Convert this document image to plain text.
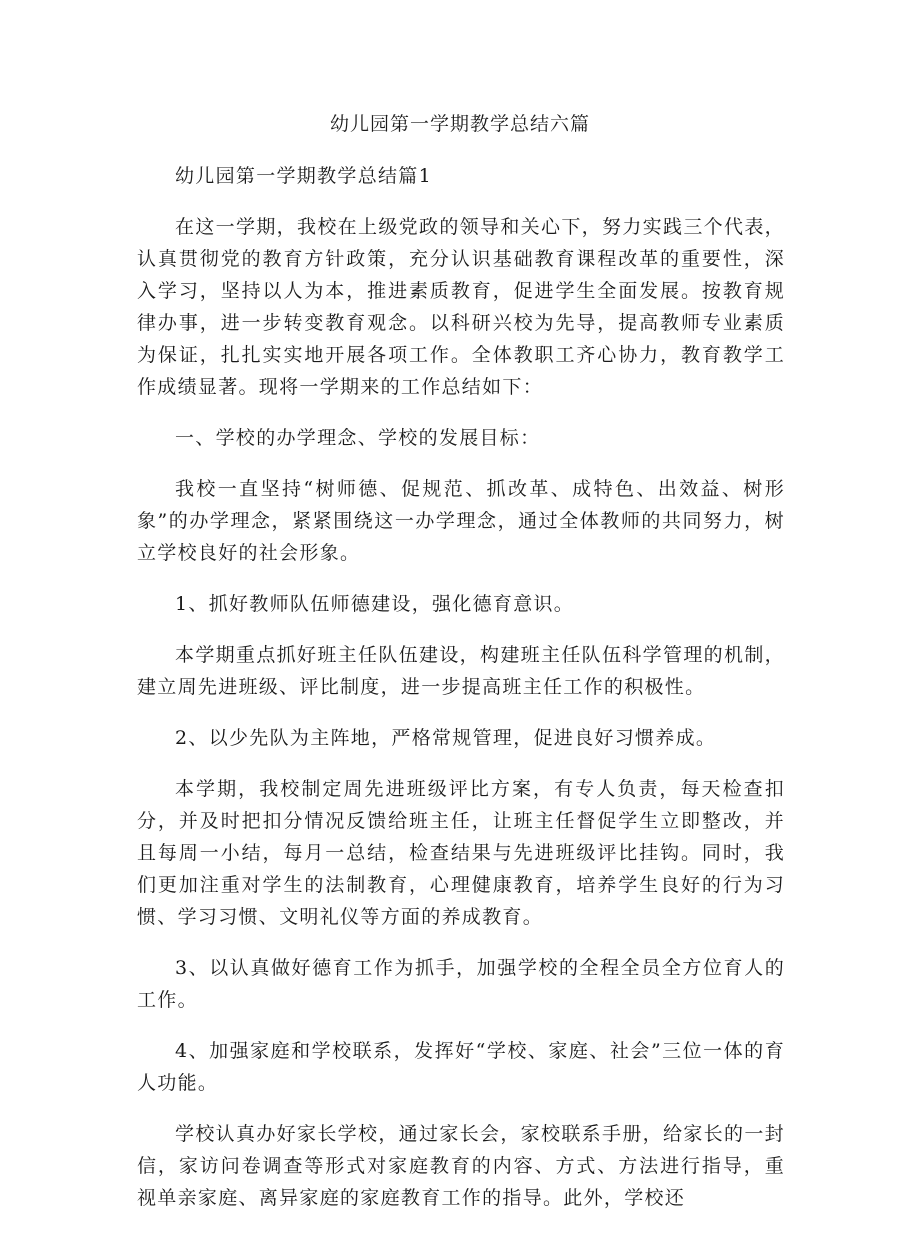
幼儿园第一学期教学总结六篇

幼儿园第一学期教学总结篇1

在这一学期，我校在上级党政的领导和关心下，努力实践三个代表，认真贯彻党的教育方针政策，充分认识基础教育课程改革的重要性，深入学习，坚持以人为本，推进素质教育，促进学生全面发展。按教育规律办事，进一步转变教育观念。以科研兴校为先导，提高教师专业素质为保证，扎扎实实地开展各项工作。全体教职工齐心协力，教育教学工作成绩显著。现将一学期来的工作总结如下：

一、学校的办学理念、学校的发展目标：

我校一直坚持“树师德、促规范、抓改革、成特色、出效益、树形象”的办学理念，紧紧围绕这一办学理念，通过全体教师的共同努力，树立学校良好的社会形象。

1、抓好教师队伍师德建设，强化德育意识。

本学期重点抓好班主任队伍建设，构建班主任队伍科学管理的机制，建立周先进班级、评比制度，进一步提高班主任工作的积极性。

2、以少先队为主阵地，严格常规管理，促进良好习惯养成。

本学期，我校制定周先进班级评比方案，有专人负责，每天检查扣分，并及时把扣分情况反馈给班主任，让班主任督促学生立即整改，并且每周一小结，每月一总结，检查结果与先进班级评比挂钩。同时，我们更加注重对学生的法制教育，心理健康教育，培养学生良好的行为习惯、学习习惯、文明礼仪等方面的养成教育。

3、以认真做好德育工作为抓手，加强学校的全程全员全方位育人的工作。

4、加强家庭和学校联系，发挥好“学校、家庭、社会”三位一体的育人功能。

学校认真办好家长学校，通过家长会，家校联系手册，给家长的一封信，家访问卷调查等形式对家庭教育的内容、方式、方法进行指导，重视单亲家庭、离异家庭的家庭教育工作的指导。此外，学校还
